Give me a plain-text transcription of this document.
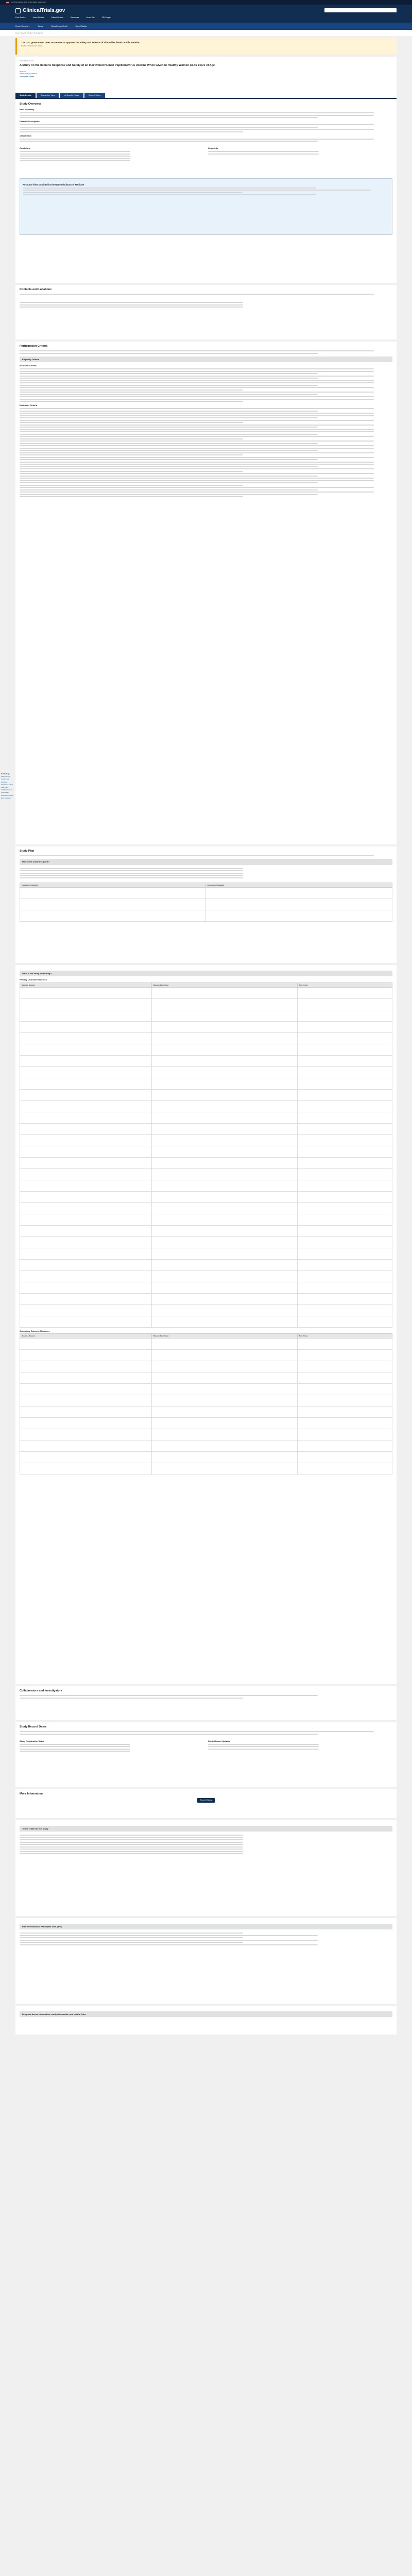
An official website of the United States government
ClinicalTrials.gov
Find Studies	About Studies	Submit Studies	Resources	About Site	PRS Login
Record Summary	Tables	Study Record Detail	Saved Studies
Home > Search Results > Study Record
The U.S. government does not review or approve the safety and science of all studies listed on this website.
Read our disclaimer for details.
ClinicalTrials.gov ID
A Study on the Immune Response and Safety of an Inactivated Human Papillomavirus Vaccine When Given to Healthy Women 18-45 Years of Age
Sponsor
Information provided by
Last Update Posted
Study Details	Researcher View	No Results Posted	Record History
On This Page
Study Overview
Contacts and Locations
Participation Criteria
Study Plan
Collaborators and Investigators
Study Record Dates
More Information
Study Overview
Brief Summary
Detailed Description
Official Title
Conditions	Keywords
Resource links provided by the National Library of Medicine
Contacts and Locations
Participation Criteria
Eligibility Criteria
Inclusion Criteria
Exclusion Criteria
Study Plan
How is the study designed?
Participant Group/Arm	Intervention/Treatment

What is the study measuring?
Primary Outcome Measures
Outcome Measure	Measure Description	Time Frame

Secondary Outcome Measures
Outcome Measure	Measure Description	Time Frame

Collaborators and Investigators
Study Record Dates
Study Registration Dates	Study Record Updates
More Information
Record History
Terms related to this study
Plan for Individual Participant Data (IPD)
Drug and device information, study documents, and helpful links
